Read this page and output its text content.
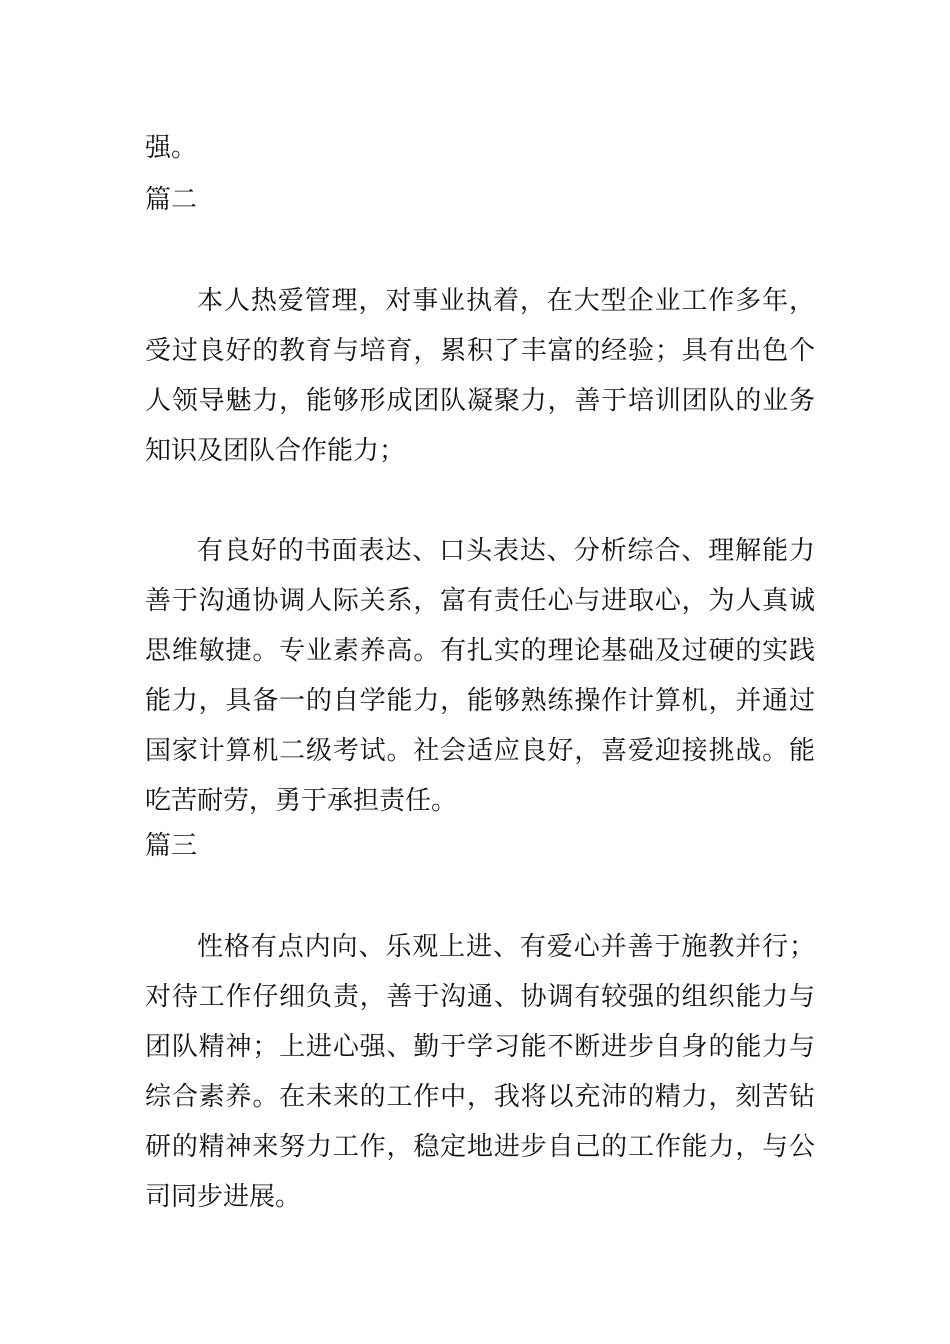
强。
篇二
本人热爱管理，对事业执着，在大型企业工作多年，
受过良好的教育与培育，累积了丰富的经验；具有出色个
人领导魅力，能够形成团队凝聚力，善于培训团队的业务
知识及团队合作能力；
有良好的书面表达、口头表达、分析综合、理解能力
善于沟通协调人际关系，富有责任心与进取心，为人真诚
思维敏捷。专业素养高。有扎实的理论基础及过硬的实践
能力，具备一的自学能力，能够熟练操作计算机，并通过
国家计算机二级考试。社会适应良好，喜爱迎接挑战。能
吃苦耐劳，勇于承担责任。
篇三
性格有点内向、乐观上进、有爱心并善于施教并行；
对待工作仔细负责，善于沟通、协调有较强的组织能力与
团队精神；上进心强、勤于学习能不断进步自身的能力与
综合素养。在未来的工作中，我将以充沛的精力，刻苦钻
研的精神来努力工作，稳定地进步自己的工作能力，与公
司同步进展。
